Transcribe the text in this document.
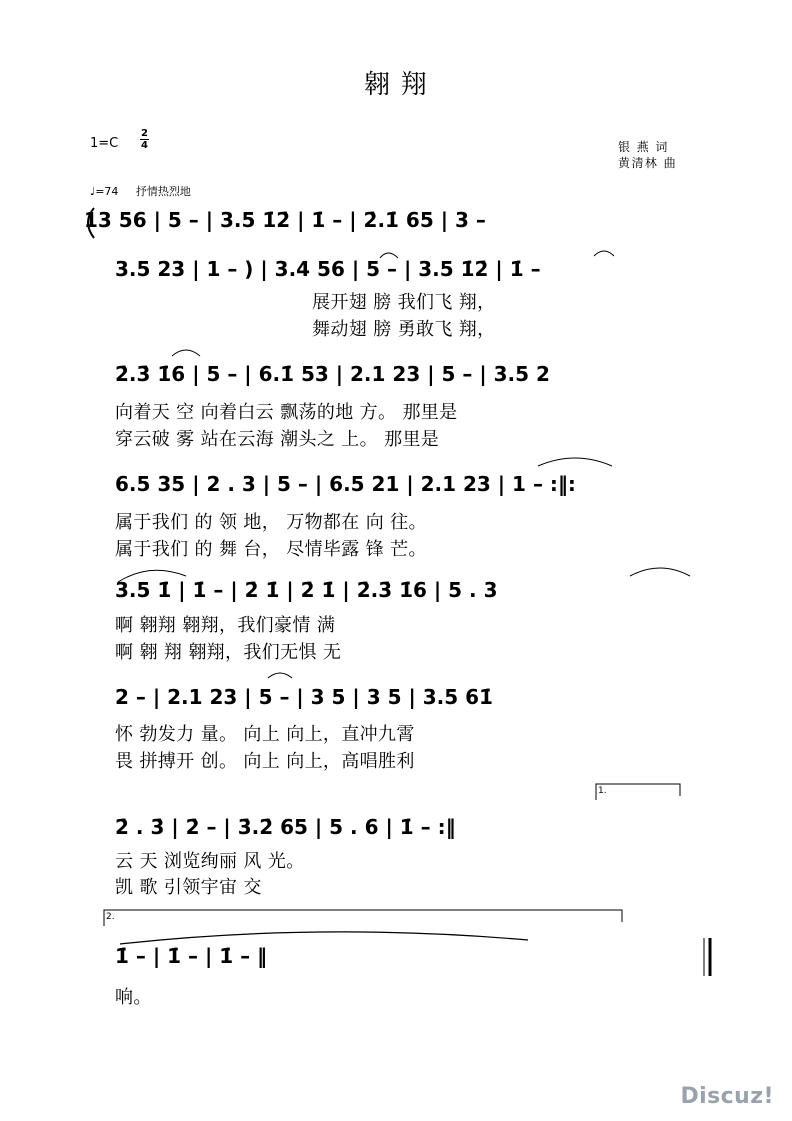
翱 翔
1=C
2
4	银 燕 词
黄清林 曲
♩=74 抒情热烈地
13 56 | 5 – | 3.5 1̇2̇ | 1̇ – | 2̇.1̇ 65 | 3 –
3.5 23 | 1 – ) | 3.4 56 | 5 – | 3.5 1̇2̇ | 1̇ –
展开翅 膀 我们飞 翔，
舞动翅 膀 勇敢飞 翔，
2̇.3̇ 1̇6 | 5 – | 6.1̇ 53 | 2.1 23 | 5 – | 3.5 2
向着天 空 向着白云 飘荡的地 方。 那里是
穿云破 雾 站在云海 潮头之 上。 那里是
6.5 35 | 2 . 3 | 5 – | 6.5 21 | 2.1 23 | 1 – :‖:
属于我们 的 领 地， 万物都在 向 往。
属于我们 的 舞 台， 尽情毕露 锋 芒。
3.5 1̇ | 1̇ – | 2̇ 1̇ | 2̇ 1̇ | 2̇.3̇ 1̇6 | 5 . 3
啊 翱翔 翱翔，我们豪情 满
啊 翱 翔 翱翔，我们无惧 无
2 – | 2.1 23 | 5 – | 3 5 | 3 5 | 3.5 61̇
怀 勃发力 量。 向上 向上，直冲九霄
畏 拼搏开 创。 向上 向上，高唱胜利
1.
2̇ . 3̇ | 2̇ – | 3̇.2̇ 65 | 5 . 6 | 1̇ – :‖
云 天 浏览绚丽 风 光。
凯 歌 引领宇宙 交
2.
1̇ – | 1̇ – | 1̇ – ‖
响。
Discuz!
